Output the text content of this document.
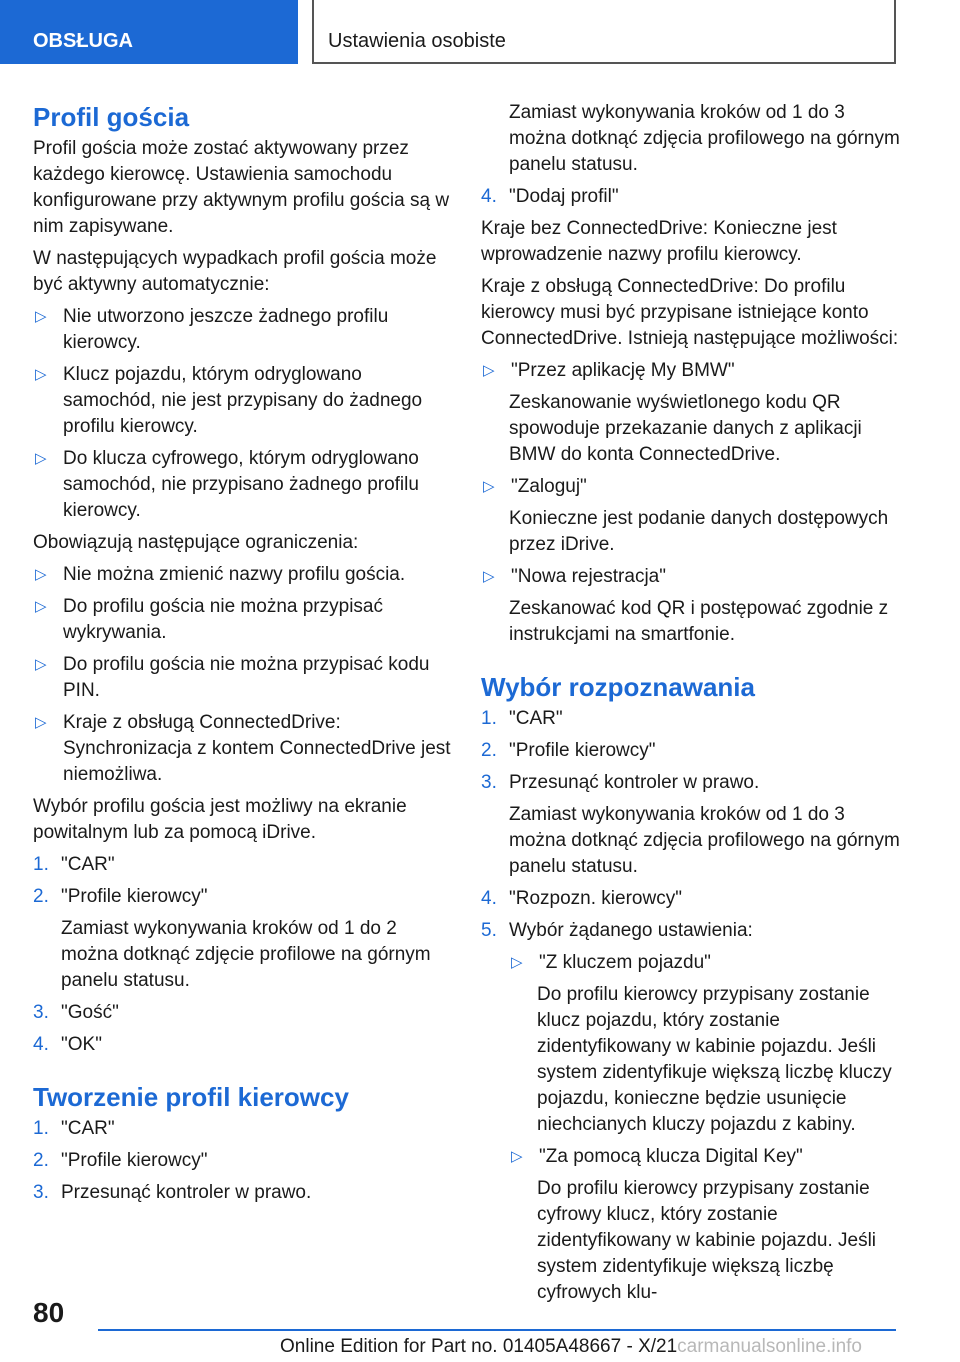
OBSŁUGA	Ustawienia osobiste
Profil gościa

Profil gościa może zostać aktywowany przez każdego kierowcę. Ustawienia samochodu konfigurowane przy aktywnym profilu gościa są w nim zapisywane.

W następujących wypadkach profil gościa może być aktywny automatycznie:

▷ Nie utworzono jeszcze żadnego profilu kierowcy.
▷ Klucz pojazdu, którym odryglowano samochód, nie jest przypisany do żadnego profilu kierowcy.
▷ Do klucza cyfrowego, którym odryglowano samochód, nie przypisano żadnego profilu kierowcy.

Obowiązują następujące ograniczenia:

▷ Nie można zmienić nazwy profilu gościa.
▷ Do profilu gościa nie można przypisać wykrywania.
▷ Do profilu gościa nie można przypisać kodu PIN.
▷ Kraje z obsługą ConnectedDrive: Synchronizacja z kontem ConnectedDrive jest niemożliwa.

Wybór profilu gościa jest możliwy na ekranie powitalnym lub za pomocą iDrive.

1. "CAR"
2. "Profile kierowcy"

Zamiast wykonywania kroków od 1 do 2 można dotknąć zdjęcie profilowe na górnym panelu statusu.

3. "Gość"
4. "OK"
Tworzenie profil kierowcy
1. "CAR"
2. "Profile kierowcy"
3. Przesunąć kontroler w prawo.

Zamiast wykonywania kroków od 1 do 3 można dotknąć zdjęcia profilowego na górnym panelu statusu.

4. "Dodaj profil"

Kraje bez ConnectedDrive: Konieczne jest wprowadzenie nazwy profilu kierowcy.

Kraje z obsługą ConnectedDrive: Do profilu kierowcy musi być przypisane istniejące konto ConnectedDrive. Istnieją następujące możliwości:

▷ "Przez aplikację My BMW"

Zeskanowanie wyświetlonego kodu QR spowoduje przekazanie danych z aplikacji BMW do konta ConnectedDrive.

▷ "Zaloguj"

Konieczne jest podanie danych dostępowych przez iDrive.

▷ "Nowa rejestracja"

Zeskanować kod QR i postępować zgodnie z instrukcjami na smartfonie.

Wybór rozpoznawania
1. "CAR"
2. "Profile kierowcy"
3. Przesunąć kontroler w prawo.

Zamiast wykonywania kroków od 1 do 3 można dotknąć zdjęcia profilowego na górnym panelu statusu.

4. "Rozpozn. kierowcy"
5. Wybór żądanego ustawienia:
▷ "Z kluczem pojazdu"

Do profilu kierowcy przypisany zostanie klucz pojazdu, który zostanie zidentyfikowany w kabinie pojazdu. Jeśli system zidentyfikuje większą liczbę kluczy pojazdu, konieczne będzie usunięcie niechcianych kluczy pojazdu z kabiny.

▷ "Za pomocą klucza Digital Key"

Do profilu kierowcy przypisany zostanie cyfrowy klucz, który zostanie zidentyfikowany w kabinie pojazdu. Jeśli system zidentyfikuje większą liczbę cyfrowych klu-

80
Online Edition for Part no. 01405A48667 - X/21carmanualsonline.info
